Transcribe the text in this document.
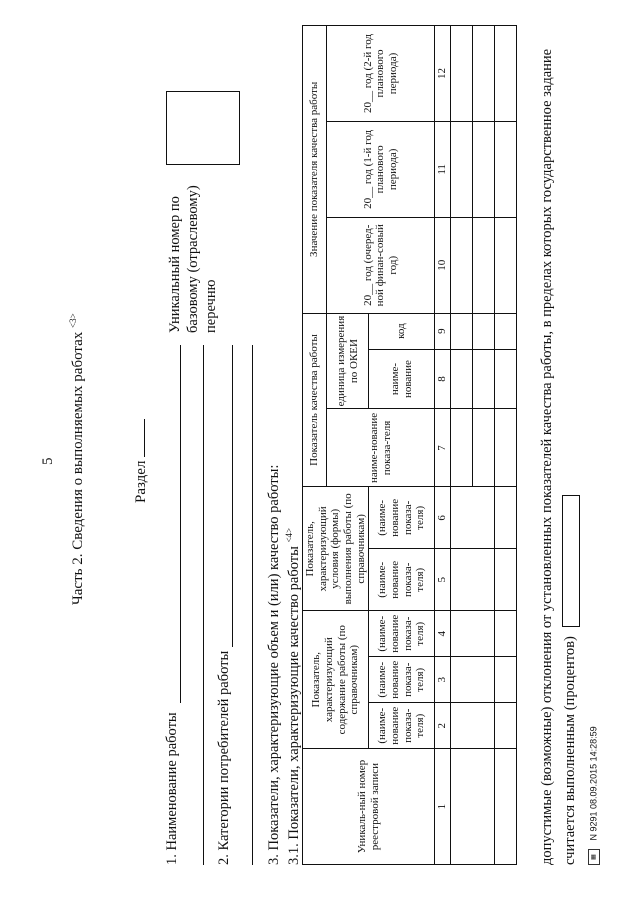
5 Часть 2. Сведения о выполняемых работах $^{<3>}$
Раздел
1. Наименование работы 2. Категории потребителей работы 3. Показатели, характеризующие объем и (или) качество работы: 3.1. Показатели, характеризующие качество работы $^{<4>}$
Уникальный номер по базовому (отраслевому) перечню
Уникаль-ный номер реестровой записи	Показатель, характеризующий содержание работы (по справочникам)			Показатель, характеризующий условия (формы) выполнения работы (по справочникам)		Показатель качества работы			Значение показателя качества работы		
						наиме-нование показа-теля	единица измерения по ОКЕИ		20__ год (очеред-ной финан-совый год)	20__ год (1-й год планового периода)	20__ год (2-й год планового периода)
	(наиме-нование показа-теля)	(наиме-нование показа-теля)	(наиме-нование показа-теля)	(наиме-нование показа-теля)	(наиме-нование показа-теля)		наиме-нование	код			
1	2	3	4	5	6	7	8	9	10	11	12

												допустимые (возможные) отклонения от установленных показателей качества работы, в пределах которых государственное задание считается выполненным (процентов)	▦ N 9291 08.09.2015 14:28:59
